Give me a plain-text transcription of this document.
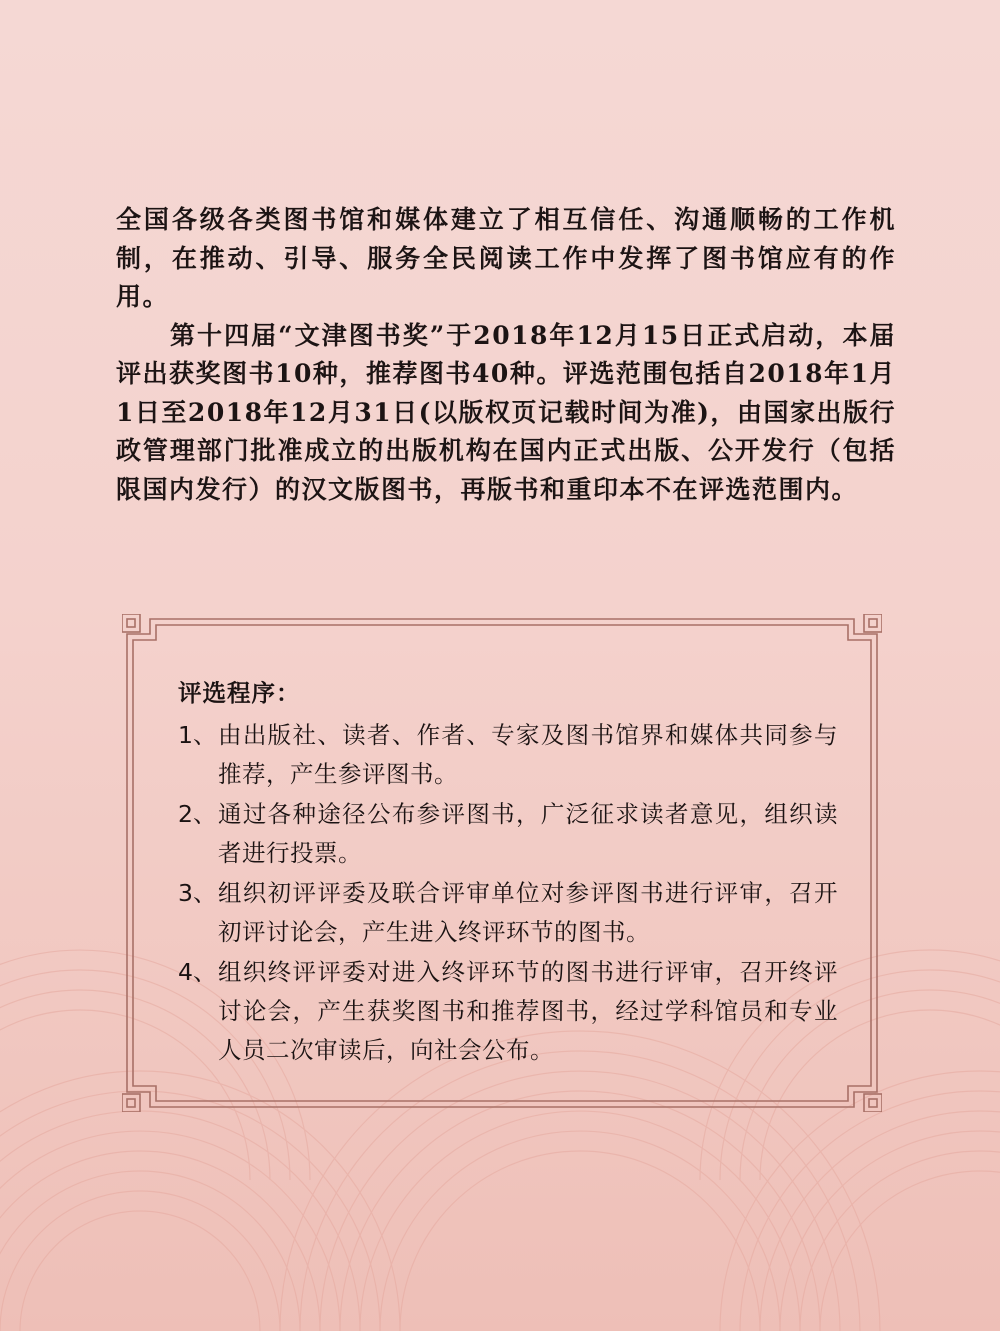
全国各级各类图书馆和媒体建立了相互信任、沟通顺畅的工作机制，在推动、引导、服务全民阅读工作中发挥了图书馆应有的作用。

第十四届“文津图书奖”于2018年12月15日正式启动，本届评出获奖图书10种，推荐图书40种。评选范围包括自2018年1月1日至2018年12月31日(以版权页记载时间为准)，由国家出版行政管理部门批准成立的出版机构在国内正式出版、公开发行（包括限国内发行）的汉文版图书，再版书和重印本不在评选范围内。

评选程序：

1、 由出版社、读者、作者、专家及图书馆界和媒体共同参与推荐，产生参评图书。
2、 通过各种途径公布参评图书，广泛征求读者意见，组织读者进行投票。
3、 组织初评评委及联合评审单位对参评图书进行评审，召开初评讨论会，产生进入终评环节的图书。
4、 组织终评评委对进入终评环节的图书进行评审，召开终评讨论会，产生获奖图书和推荐图书，经过学科馆员和专业人员二次审读后，向社会公布。
